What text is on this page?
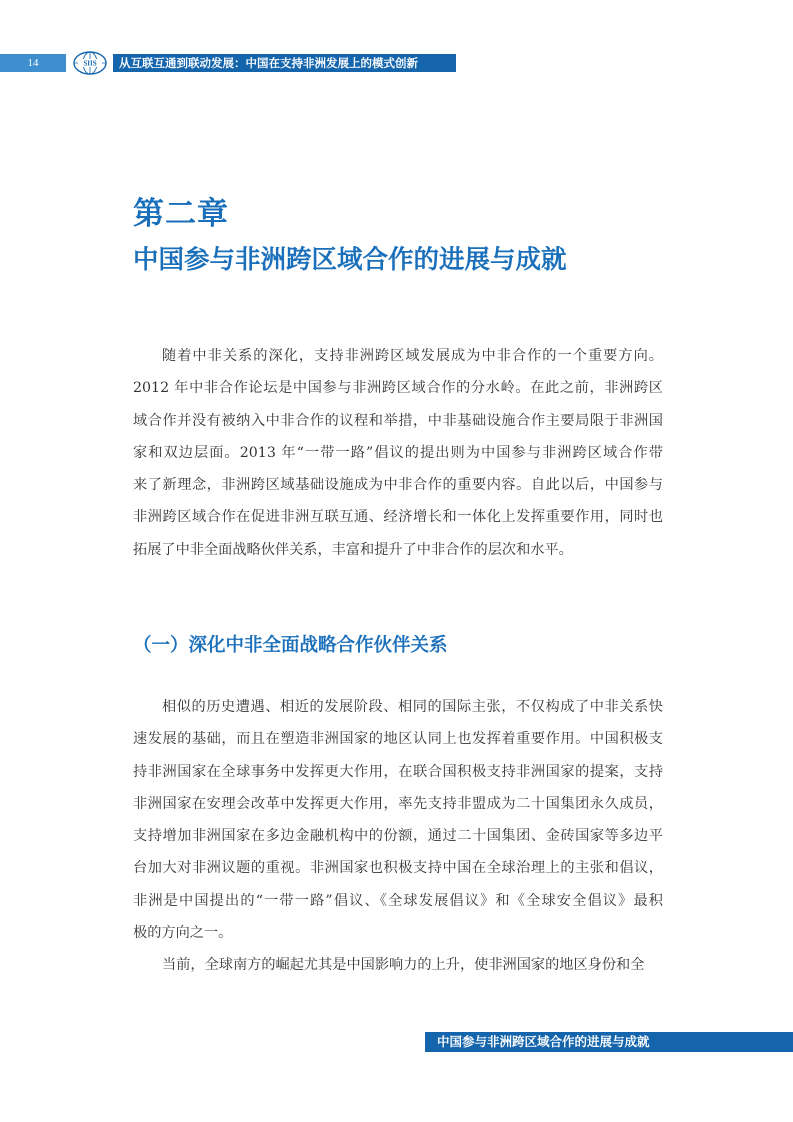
14	SIIS	从互联互通到联动发展：中国在支持非洲发展上的模式创新
第二章
中国参与非洲跨区域合作的进展与成就
随着中非关系的深化，支持非洲跨区域发展成为中非合作的一个重要方向。
2012 年中非合作论坛是中国参与非洲跨区域合作的分水岭。在此之前，非洲跨区
域合作并没有被纳入中非合作的议程和举措，中非基础设施合作主要局限于非洲国
家和双边层面。2013 年“一带一路”倡议的提出则为中国参与非洲跨区域合作带
来了新理念，非洲跨区域基础设施成为中非合作的重要内容。自此以后，中国参与
非洲跨区域合作在促进非洲互联互通、经济增长和一体化上发挥重要作用，同时也
拓展了中非全面战略伙伴关系，丰富和提升了中非合作的层次和水平。
（一）深化中非全面战略合作伙伴关系
相似的历史遭遇、相近的发展阶段、相同的国际主张，不仅构成了中非关系快
速发展的基础，而且在塑造非洲国家的地区认同上也发挥着重要作用。中国积极支
持非洲国家在全球事务中发挥更大作用，在联合国积极支持非洲国家的提案，支持
非洲国家在安理会改革中发挥更大作用，率先支持非盟成为二十国集团永久成员，
支持增加非洲国家在多边金融机构中的份额，通过二十国集团、金砖国家等多边平
台加大对非洲议题的重视。非洲国家也积极支持中国在全球治理上的主张和倡议，
非洲是中国提出的“一带一路”倡议、《全球发展倡议》和《全球安全倡议》最积
极的方向之一。
当前，全球南方的崛起尤其是中国影响力的上升，使非洲国家的地区身份和全
中国参与非洲跨区域合作的进展与成就
